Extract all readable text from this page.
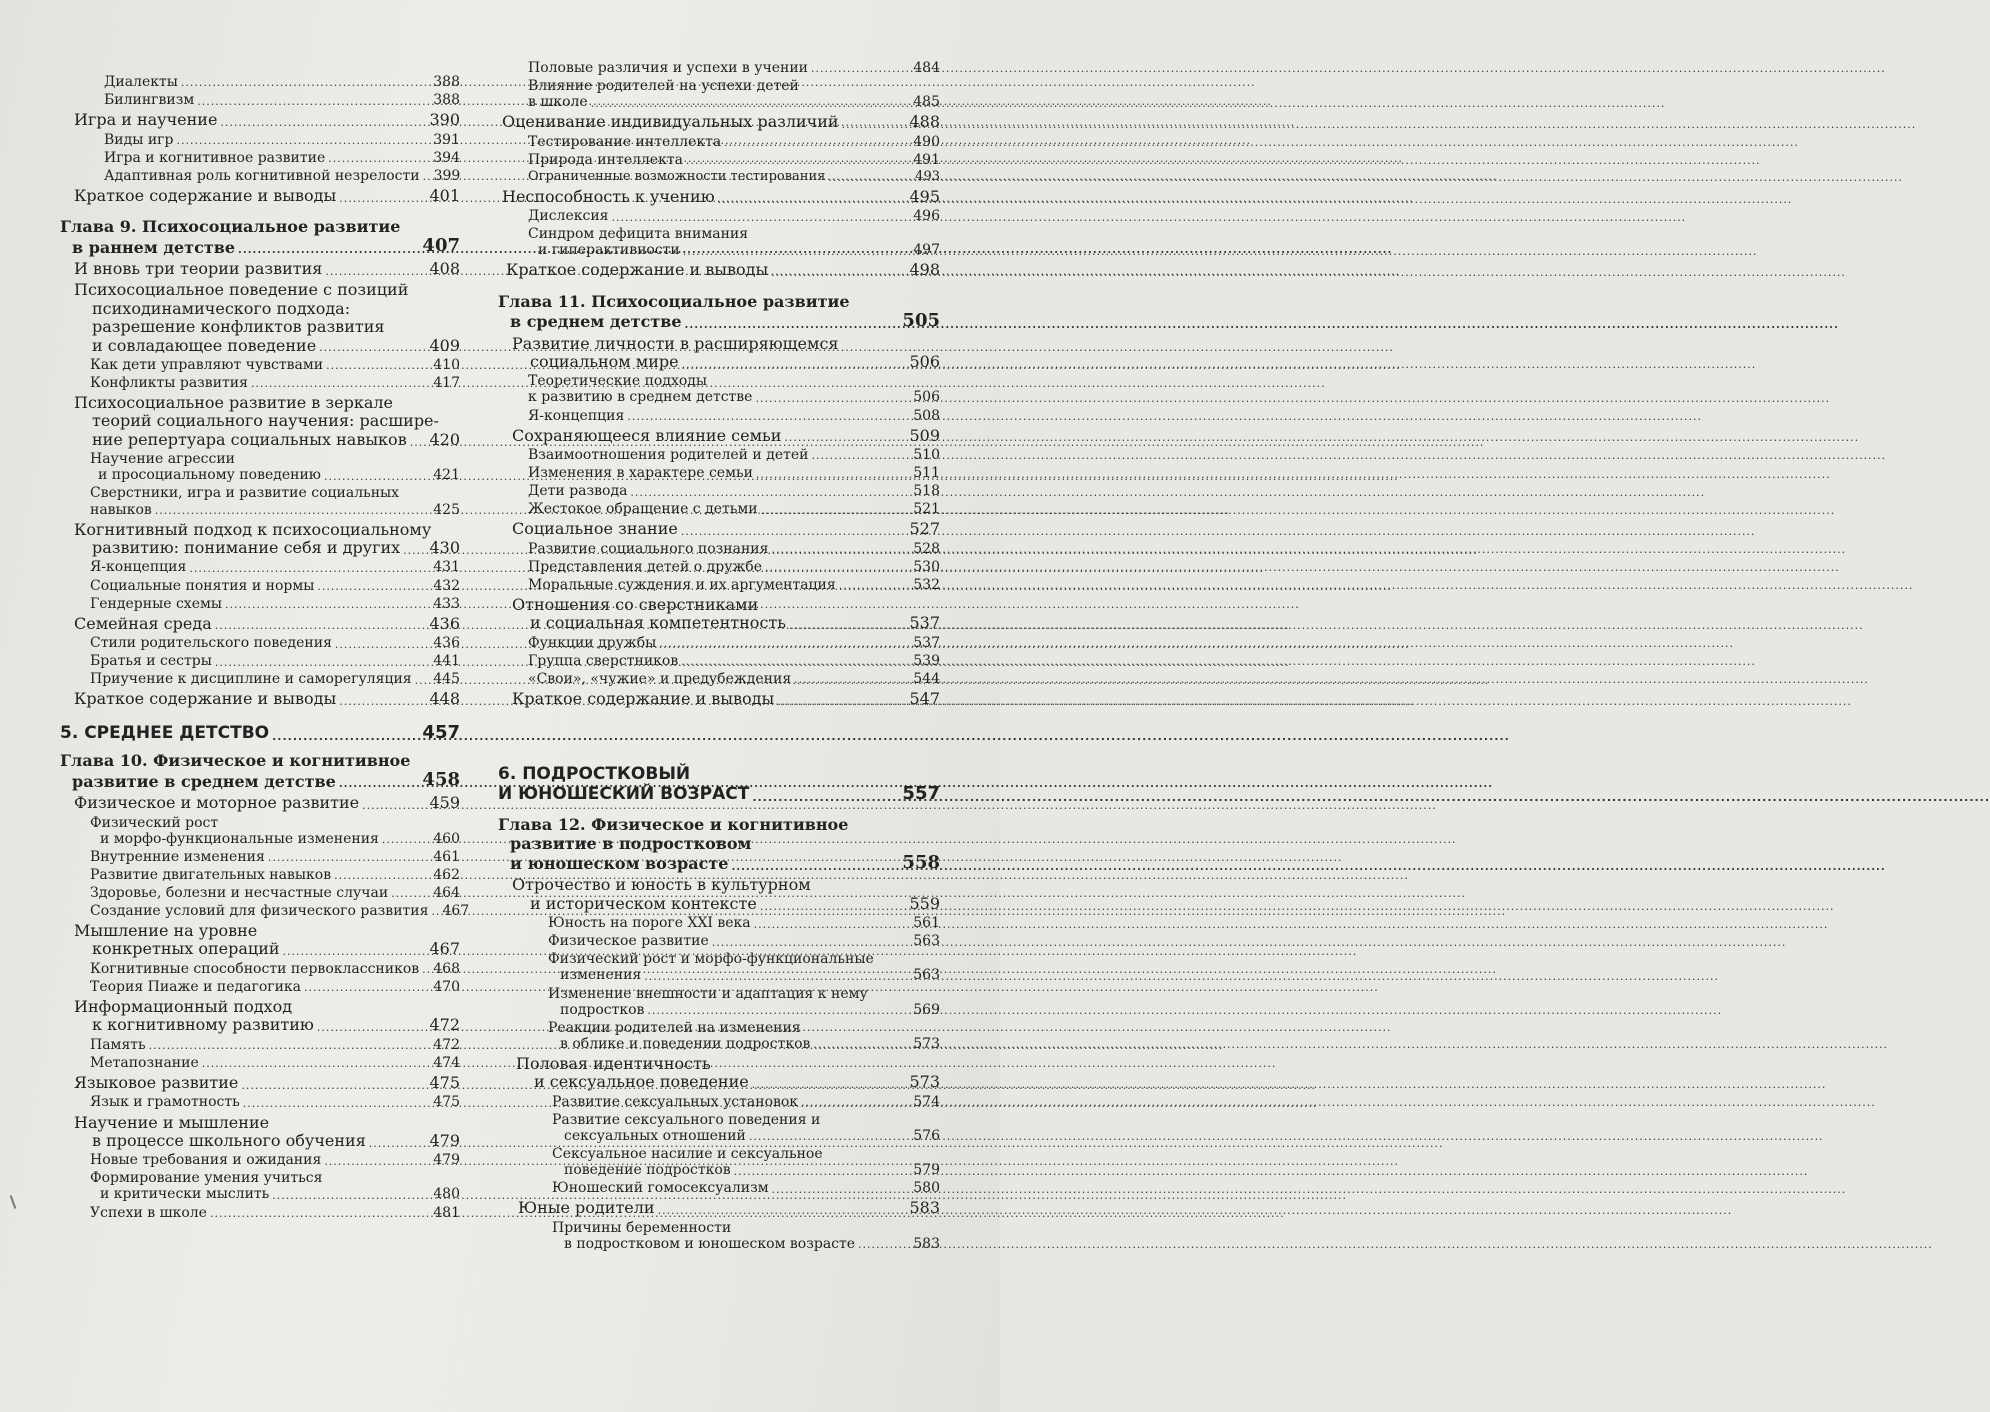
Диалекты .....	388
Билингвизм .....	388
Игра и научение .....	390
Виды игр .....	391
Игра и когнитивное развитие .....	394
Адаптивная роль когнитивной незрелости ..... 399
Краткое содержание и выводы .....	401
Глава 9. Психосоциальное развитие
в раннем детстве .....	407
И вновь три теории развития .....	408
Психосоциальное поведение с позиций
психодинамического подхода:
разрешение конфликтов развития
и совладающее поведение .....	409
Как дети управляют чувствами .....	410
Конфликты развития .....	417
Психосоциальное развитие в зеркале
теорий социального научения: расшире-
ние репертуара социальных навыков ..... 420
Научение агрессии
и просоциальному поведению .....	421
Сверстники, игра и развитие социальных
навыков .....	425
Когнитивный подход к психосоциальному
развитию: понимание себя и других ..... 430
Я-концепция .....	431
Социальные понятия и нормы .....	432
Гендерные схемы .....	433
Семейная среда .....	436
Стили родительского поведения .....	436
Братья и сестры .....	441
Приучение к дисциплине и саморегуляция ..... 445
Краткое содержание и выводы .....	448
5. СРЕДНЕЕ ДЕТСТВО .....	457
Глава 10. Физическое и когнитивное
развитие в среднем детстве .....	458
Физическое и моторное развитие .....	459
Физический рост
и морфо-функциональные изменения .....	460
Внутренние изменения .....	461
Развитие двигательных навыков .....	462
Здоровье, болезни и несчастные случаи .....	464
Создание условий для физического развития ..... 467
Мышление на уровне
конкретных операций .....	467
Когнитивные способности первоклассников ..... 468
Теория Пиаже и педагогика .....	470
Информационный подход
к когнитивному развитию .....	472
Память .....	472
Метапознание .....	474
Языковое развитие .....	475
Язык и грамотность .....	475
Научение и мышление
в процессе школьного обучения .....	479
Новые требования и ожидания .....	479
Формирование умения учиться
и критически мыслить .....	480
Успехи в школе .....	481
Половые различия и успехи в учении .....	484
Влияние родителей на успехи детей
в школе .....	485
Оценивание индивидуальных различий .....	488
Тестирование интеллекта .....	490
Природа интеллекта .....	491
Ограниченные возможности тестирования .....	493
Неспособность к учению .....	495
Дислексия .....	496
Синдром дефицита внимания
и гиперактивности .....	497
Краткое содержание и выводы .....	498
Глава 11. Психосоциальное развитие
в среднем детстве .....	505
Развитие личности в расширяющемся
социальном мире .....	506
Теоретические подходы
к развитию в среднем детстве .....	506
Я-концепция .....	508
Сохраняющееся влияние семьи .....	509
Взаимоотношения родителей и детей .....	510
Изменения в характере семьи .....	511
Дети развода .....	518
Жестокое обращение с детьми .....	521
Социальное знание .....	527
Развитие социального познания .....	528
Представления детей о дружбе .....	530
Моральные суждения и их аргументация .....	532
Отношения со сверстниками
и социальная компетентность .....	537
Функции дружбы .....	537
Группа сверстников .....	539
«Свои», «чужие» и предубеждения .....	544
Краткое содержание и выводы .....	547
6. ПОДРОСТКОВЫЙ
И ЮНОШЕСКИЙ ВОЗРАСТ .....	557
Глава 12. Физическое и когнитивное
развитие в подростковом
и юношеском возрасте .....	558
Отрочество и юность в культурном
и историческом контексте .....	559
Юность на пороге XXI века .....	561
Физическое развитие .....	563
Физический рост и морфо-функциональные
изменения .....	563
Изменение внешности и адаптация к нему
подростков .....	569
Реакции родителей на изменения
в облике и поведении подростков .....	573
Половая идентичность
и сексуальное поведение .....	573
Развитие сексуальных установок .....	574
Развитие сексуального поведения и
сексуальных отношений .....	576
Сексуальное насилие и сексуальное
поведение подростков .....	579
Юношеский гомосексуализм .....	580
Юные родители .....	583
Причины беременности
в подростковом и юношеском возрасте .....	583
